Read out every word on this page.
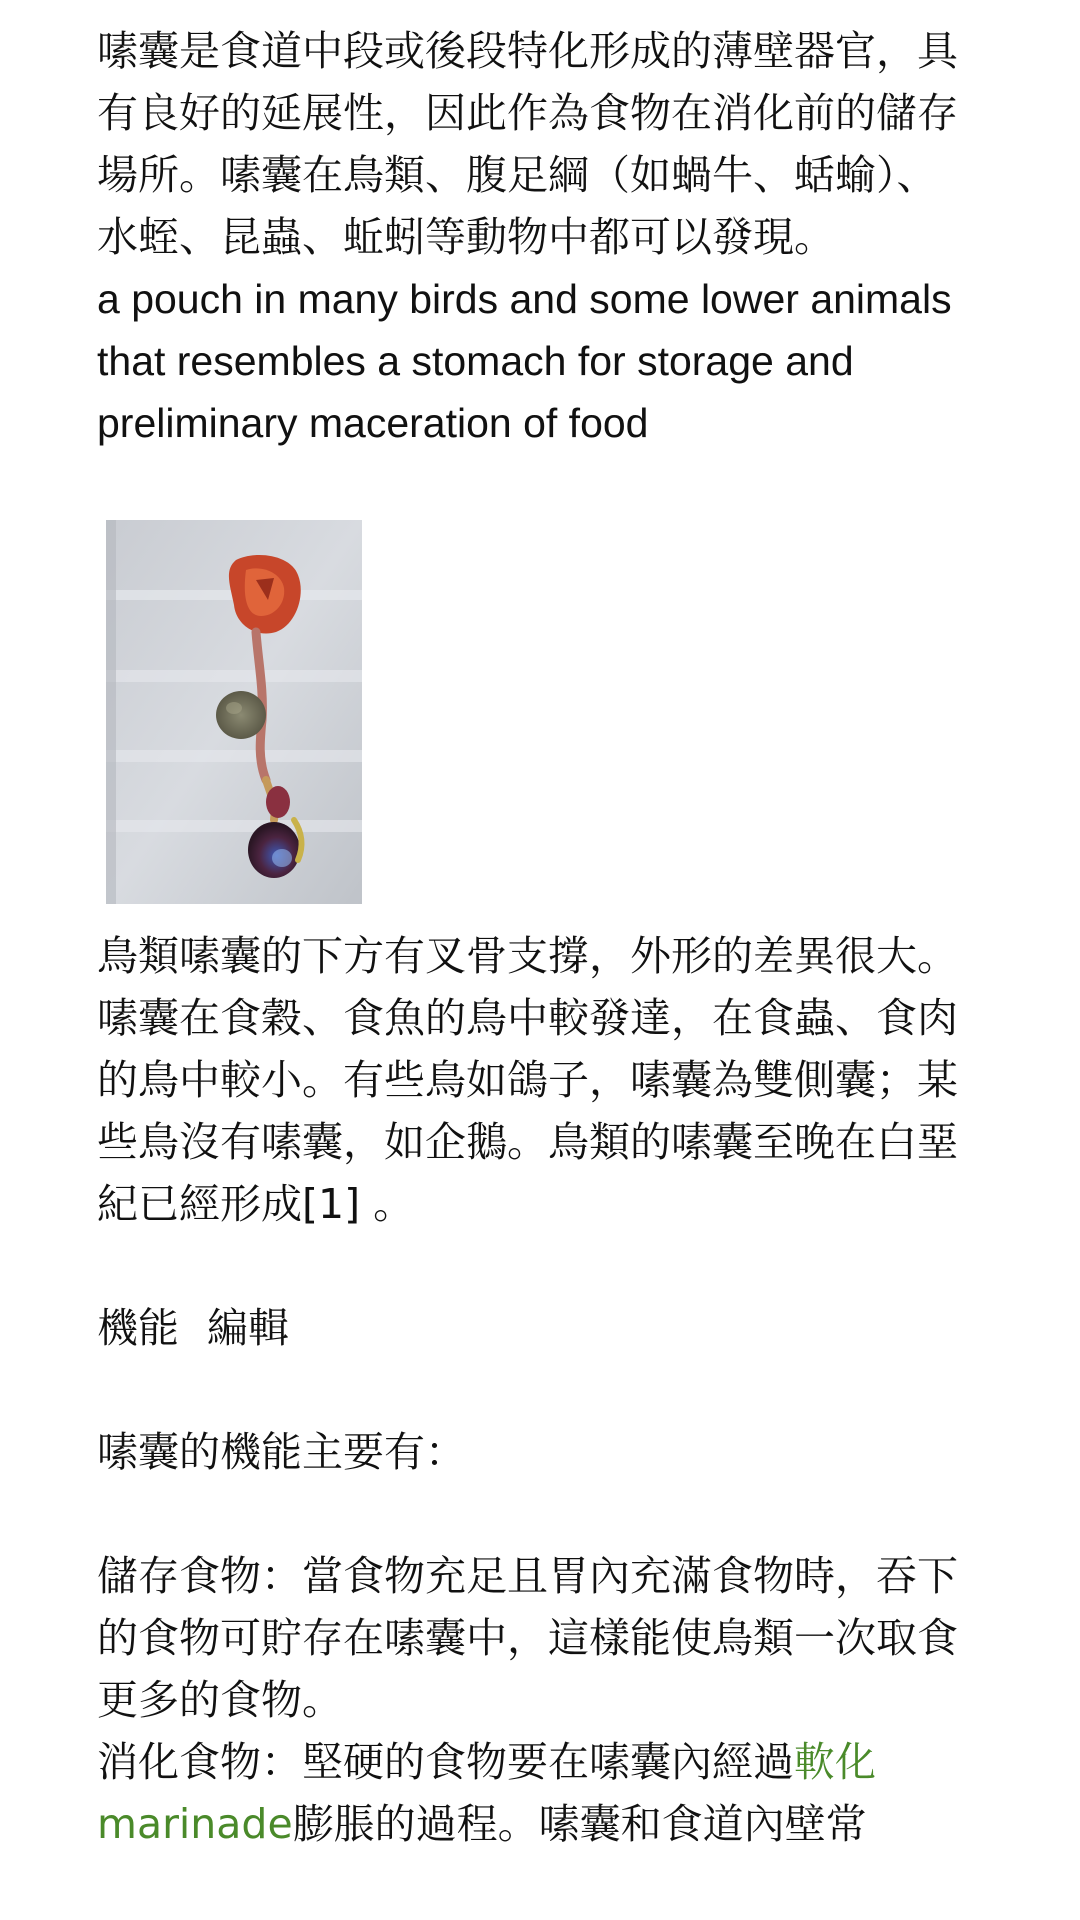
嗉囊是食道中段或後段特化形成的薄壁器官，具有良好的延展性，因此作為食物在消化前的儲存場所。嗉囊在鳥類、腹足綱（如蝸牛、蛞蝓）、水蛭、昆蟲、蚯蚓等動物中都可以發現。

a pouch in many birds and some lower animals that resembles a stomach for storage and preliminary maceration of food

鳥類嗉囊的下方有叉骨支撐，外形的差異很大。嗉囊在食穀、食魚的鳥中較發達，在食蟲、食肉的鳥中較小。有些鳥如鴿子，嗉囊為雙側囊；某些鳥沒有嗉囊，如企鵝。鳥類的嗉囊至晚在白堊紀已經形成[1] 。

機能 編輯

嗉囊的機能主要有：

儲存食物：當食物充足且胃內充滿食物時，吞下的食物可貯存在嗉囊中，這樣能使鳥類一次取食更多的食物。

消化食物：堅硬的食物要在嗉囊內經過軟化marinade膨脹的過程。嗉囊和食道內壁常
